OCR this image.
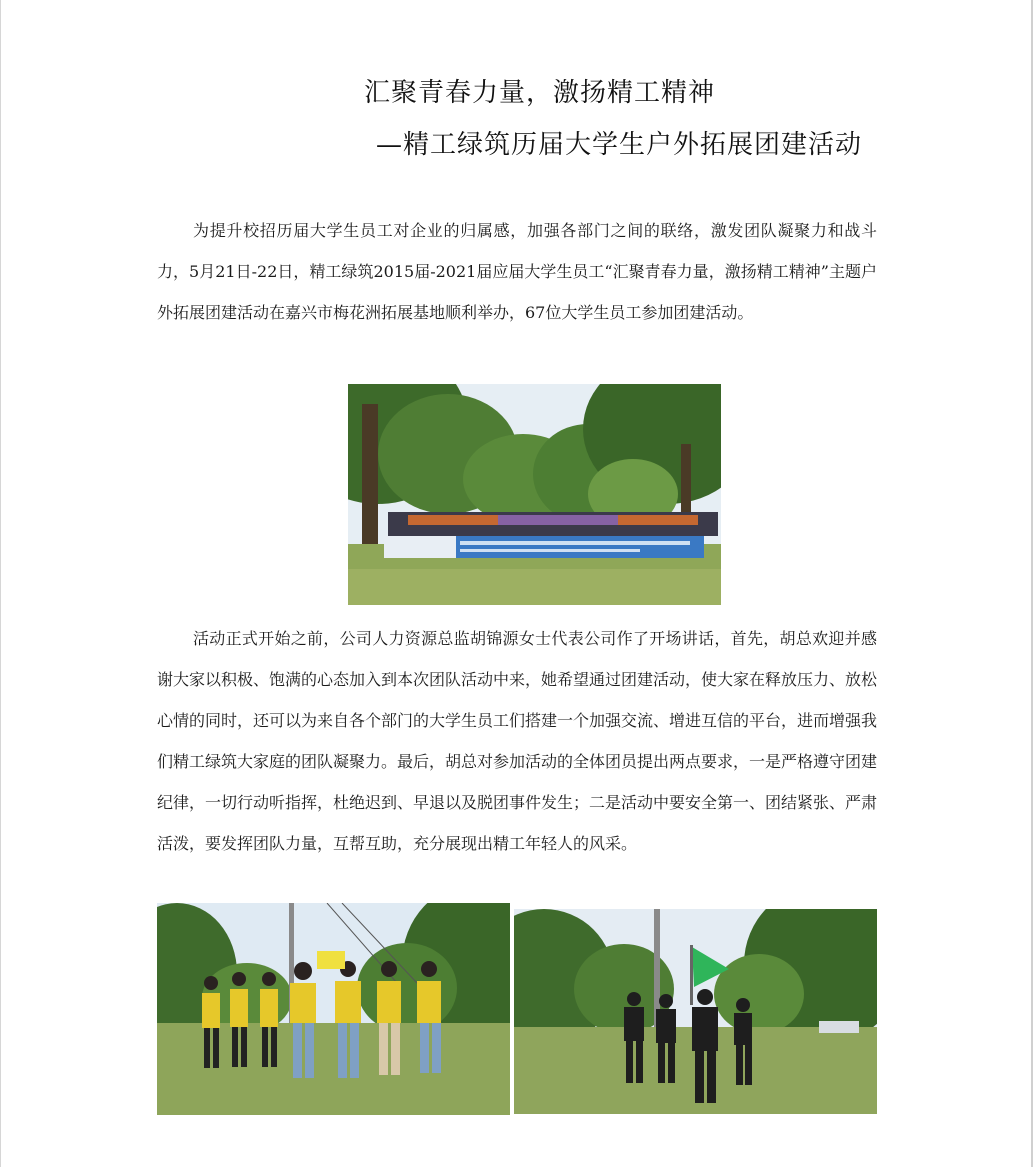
汇聚青春力量，激扬精工精神
—精工绿筑历届大学生户外拓展团建活动

为提升校招历届大学生员工对企业的归属感，加强各部门之间的联络，激发团队凝聚力和战斗力，5月21日-22日，精工绿筑2015届-2021届应届大学生员工“汇聚青春力量，激扬精工精神”主题户外拓展团建活动在嘉兴市梅花洲拓展基地顺利举办，67位大学生员工参加团建活动。

活动正式开始之前，公司人力资源总监胡锦源女士代表公司作了开场讲话，首先，胡总欢迎并感谢大家以积极、饱满的心态加入到本次团队活动中来，她希望通过团建活动，使大家在释放压力、放松心情的同时，还可以为来自各个部门的大学生员工们搭建一个加强交流、增进互信的平台，进而增强我们精工绿筑大家庭的团队凝聚力。最后，胡总对参加活动的全体团员提出两点要求，一是严格遵守团建纪律，一切行动听指挥，杜绝迟到、早退以及脱团事件发生；二是活动中要安全第一、团结紧张、严肃活泼，要发挥团队力量，互帮互助，充分展现出精工年轻人的风采。
